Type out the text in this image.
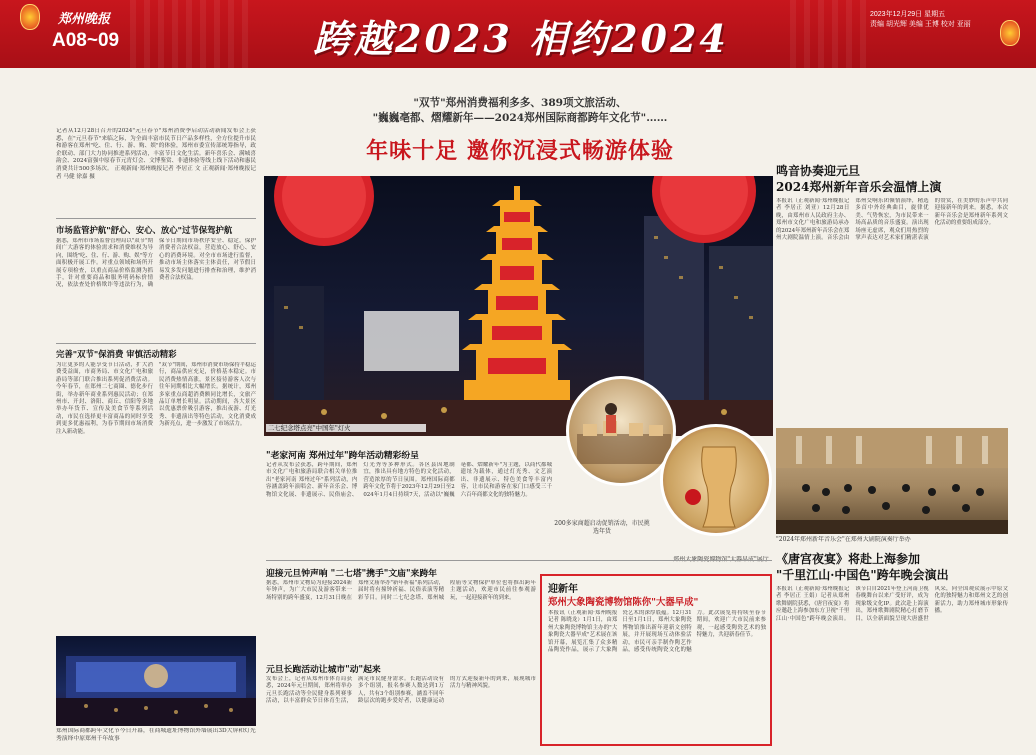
郑州晚报
A08~09	跨越2023 相约2024
2023年12月29日 星期五
责编 胡光辉 美编 王博 校对 亚丽
记者从12月28日召开的2024"元旦春节"郑州消费季启动活动新闻发布会上获悉，在"元旦春节"来临之际，为全面丰富市民节日产品多样性，全方位提升市民和游客在郑州"吃、住、行、游、购、娱"的体验，郑州市委宣传部统筹指导，政企联动、部门大力协同推进系列活动，丰富节日文化生活。新年喜乐会、满城喜韵会、2024富强中原春节元宵灯会、文博鉴赏、非遗体验等线上线下活动和惠民消费共计500多场次。 正观新闻·郑州晚报记者 李居正 文 正观新闻·郑州晚报记者 马健 徐嘉 摄
市场监管护航"舒心、安心、放心"过节保驾护航
据悉，郑州市市场监督管理局以"双节"期间广大游客的体验需求和消费维权为导向，围绕"吃、住、行、游、购、娱"等方面积极开展工作。对重点领域和场所开展专项检查，以重点商品价格监测为抓手，针对重要商品和服务明码标价情况，依法查处价格欺诈等违法行为，确保节日期间市场秩序安全、稳定，保护消费者合法权益，营造放心、舒心、安心的消费环境。对全市市场进行监督，推动市场主体落实主体责任，对节假日易发多发问题进行排查和治理，维护消费者合法权益。
完善"双节"保消费 审慎活动精彩
为让更多的人能享受节日活动，扩大消费受益面，市商务局、市文化广电和旅游局等部门联合推出系列促消费活动。今年春节，在郑州二七商圈、德化步行街，举办新年商业系列惠民活动；在郑州市、开封、洛阳、商丘、信阳等多地举办年货节、宣传及美食节等系列活动，市民在选择更丰富商品的同时享受到更多优惠福利，为春节期间市场消费注入新动能。
"双节"期间，郑州市消费市场保持平稳运行，商品供应充足，价格基本稳定。市民消费热情高涨，景区接待游客人次与往年同期相比大幅增长。据统计，郑州多家重点商超消费额同比增长，文旅产品订单增长明显。活动期间，各大景区以优惠票价吸引游客，推出夜游、灯光秀、非遗演出等特色活动，文化消费成为新亮点，进一步激发了市场活力。
郑州国际商都跨年文化节今日开幕，在商城遗址博物馆外墙展出3D大屏和灯光秀演绎中原郑州千年故事
"双节"郑州消费福利多多、389项文旅活动、
"巍巍亳都、熠耀新年——2024郑州国际商都跨年文化节"……
年味十足 邀你沉浸式畅游体验
二七纪念塔点亮"中国年"灯火
200多家商超启动促销活动，市民挑选年货
"老家河南 郑州过年"跨年活动精彩纷呈
记者从发布会获悉，跨年期间，郑州市文化广电和旅游局联合相关单位推出"老家河南 郑州过年"系列活动，内容涵盖跨年演唱会、新年音乐会、博物馆文化展、非遗展示、民俗庙会、灯光秀等多种形式。各区县因地制宜，推出具有地方特色的文化活动，营造浓厚的节日氛围。郑州国际商都跨年文化节将于2023年12月29日至2024年1月4日持续7天，活动以"巍巍亳都、熠耀新年"为主题，以商代都城遗址为载体，通过灯光秀、文艺演出、非遗展示、特色美食等丰富内容，让市民和游客在家门口感受三千六百年商都文化的独特魅力。
迎接元旦钟声响 "二七塔"携手"文庙"来跨年
据悉，郑州市文物局为迎接2024新年钟声，为广大市民及游客带来一场特别的跨年盛宴，12月31日晚在郑州文庙举办"新年祈福"系列活动，届时将有撞钟祈福、民俗表演等精彩节目。同时二七纪念塔、郑州城隍庙等文物保护单位也将推出跨年主题活动，欢迎市民前往参观游玩，一起迎接新年的到来。
元旦长跑活动让城市"动"起来
发布会上，记者从郑州市体育局获悉，2024年元旦期间，郑州将举办元旦长跑活动等全民健身系列赛事活动，以丰富群众节日体育生活，满足市民健身需求。长跑活动设有多个组别，报名参赛人数达到1万人，共有3个组别参赛，涵盖不同年龄层次的跑步爱好者，以健康运动的方式迎接新年的到来，展现城市活力与精神风貌。
迎新年
郑州大象陶瓷博物馆陈你"大器早成"
本报讯（正观新闻·郑州晚报记者 陈晓龙）1月1日，由郑州大象陶瓷博物馆主办的"大象陶瓷大器早成"艺术展在该馆开幕，展览汇集了众多精品陶瓷作品，展示了大象陶瓷艺术的深厚底蕴。12月31日至1月1日，郑州大象陶瓷博物馆推出新年迎新文创特展，并开展现场互动体验活动，市民可亲手制作陶艺作品，感受传统陶瓷文化的魅力。此次展览将持续至春节期间，欢迎广大市民前来参观，一起感受陶瓷艺术的独特魅力，共迎新春佳节。
鸣音协奏迎元旦
2024郑州新年音乐会温情上演
本报讯（正观新闻·郑州晚报记者 李居正 刘亚）12月28日晚，由郑州市人民政府主办、郑州市文化广电和旅游局承办的2024年郑州新年音乐会在郑州大剧院温情上演。音乐会由郑州交响乐团倾情演绎，精选多首中外经典曲目，旋律优美、气势恢宏，为市民带来一场高品质的音乐盛宴。演出现场座无虚席，观众们用热烈的掌声表达对艺术家们精湛表演的赞赏，在美妙的乐声中共同迎接新年的到来。据悉，本次新年音乐会是郑州新年系列文化活动的重要组成部分。
"2024年郑州新年音乐会"在郑州大剧院演奏厅举办
《唐宫夜宴》将赴上海参加
"千里江山·中国色"跨年晚会演出
本报讯（正观新闻·郑州晚报记者 李居正 王娟）记者从郑州歌舞剧院获悉，《唐宫夜宴》将应邀赴上海参加东方卫视"千里江山·中国色"跨年晚会演出。该节目自2021年登上河南卫视春晚舞台以来广受好评，成为现象级文化IP。此次赴上海演出，郑州歌舞剧院精心打磨节目，以全新面貌呈现大唐盛世风采，向全国观众展示中原文化的独特魅力和郑州文艺的创新活力，助力郑州城市形象传播。
